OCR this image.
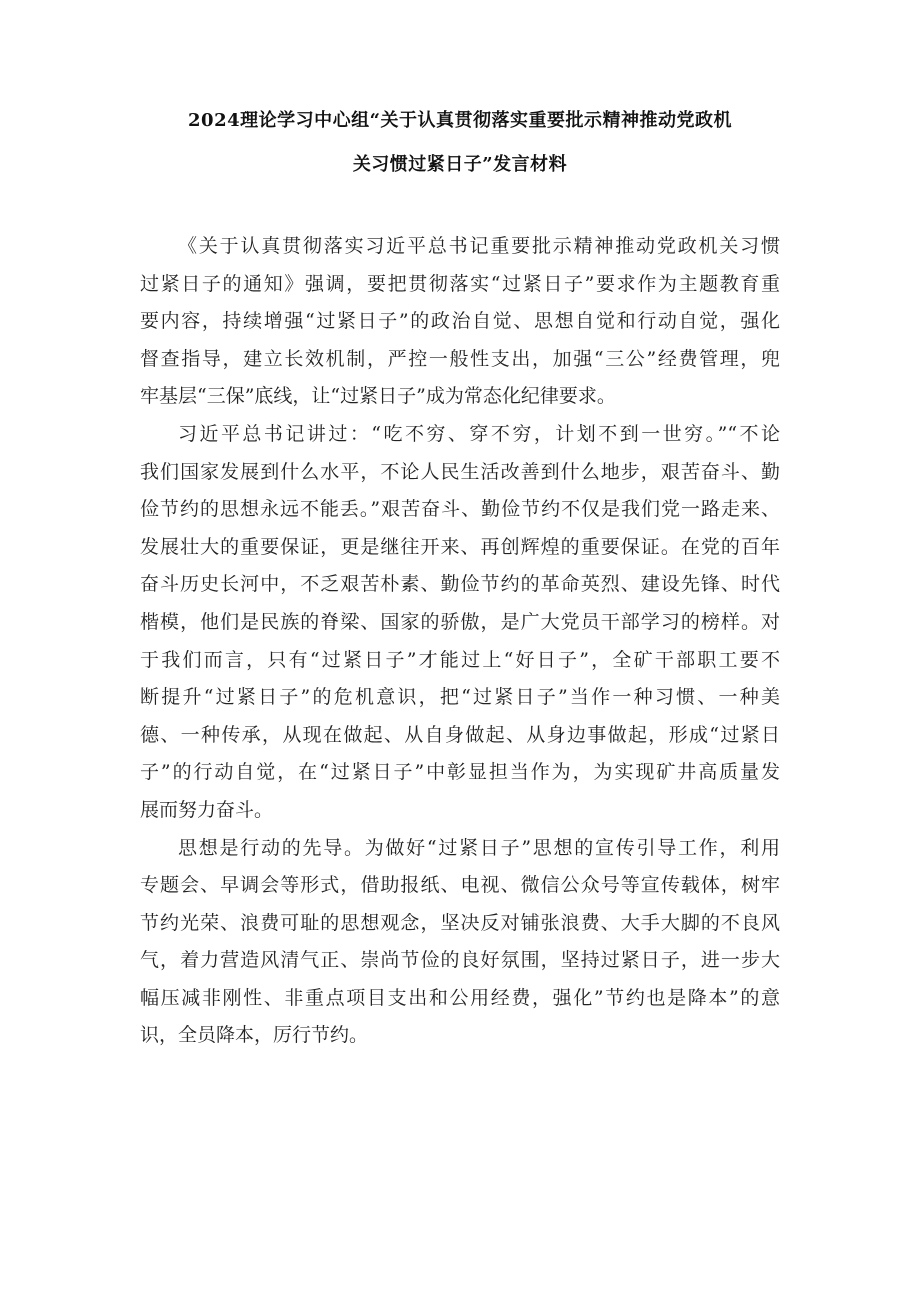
2024理论学习中心组“关于认真贯彻落实重要批示精神推动党政机
关习惯过紧日子”发言材料
《关于认真贯彻落实习近平总书记重要批示精神推动党政机关习惯
过紧日子的通知》强调，要把贯彻落实“过紧日子”要求作为主题教育重
要内容，持续增强“过紧日子”的政治自觉、思想自觉和行动自觉，强化
督查指导，建立长效机制，严控一般性支出，加强“三公”经费管理，兜
牢基层“三保”底线，让“过紧日子”成为常态化纪律要求。
习近平总书记讲过：“吃不穷、穿不穷，计划不到一世穷。”“不论
我们国家发展到什么水平，不论人民生活改善到什么地步，艰苦奋斗、勤
俭节约的思想永远不能丢。”艰苦奋斗、勤俭节约不仅是我们党一路走来、
发展壮大的重要保证，更是继往开来、再创辉煌的重要保证。在党的百年
奋斗历史长河中，不乏艰苦朴素、勤俭节约的革命英烈、建设先锋、时代
楷模，他们是民族的脊梁、国家的骄傲，是广大党员干部学习的榜样。对
于我们而言，只有“过紧日子”才能过上“好日子”，全矿干部职工要不
断提升“过紧日子”的危机意识，把“过紧日子”当作一种习惯、一种美
德、一种传承，从现在做起、从自身做起、从身边事做起，形成“过紧日
子”的行动自觉，在“过紧日子”中彰显担当作为，为实现矿井高质量发
展而努力奋斗。
思想是行动的先导。为做好“过紧日子”思想的宣传引导工作，利用
专题会、早调会等形式，借助报纸、电视、微信公众号等宣传载体，树牢
节约光荣、浪费可耻的思想观念，坚决反对铺张浪费、大手大脚的不良风
气，着力营造风清气正、崇尚节俭的良好氛围，坚持过紧日子，进一步大
幅压减非刚性、非重点项目支出和公用经费，强化”节约也是降本”的意
识，全员降本，厉行节约。
